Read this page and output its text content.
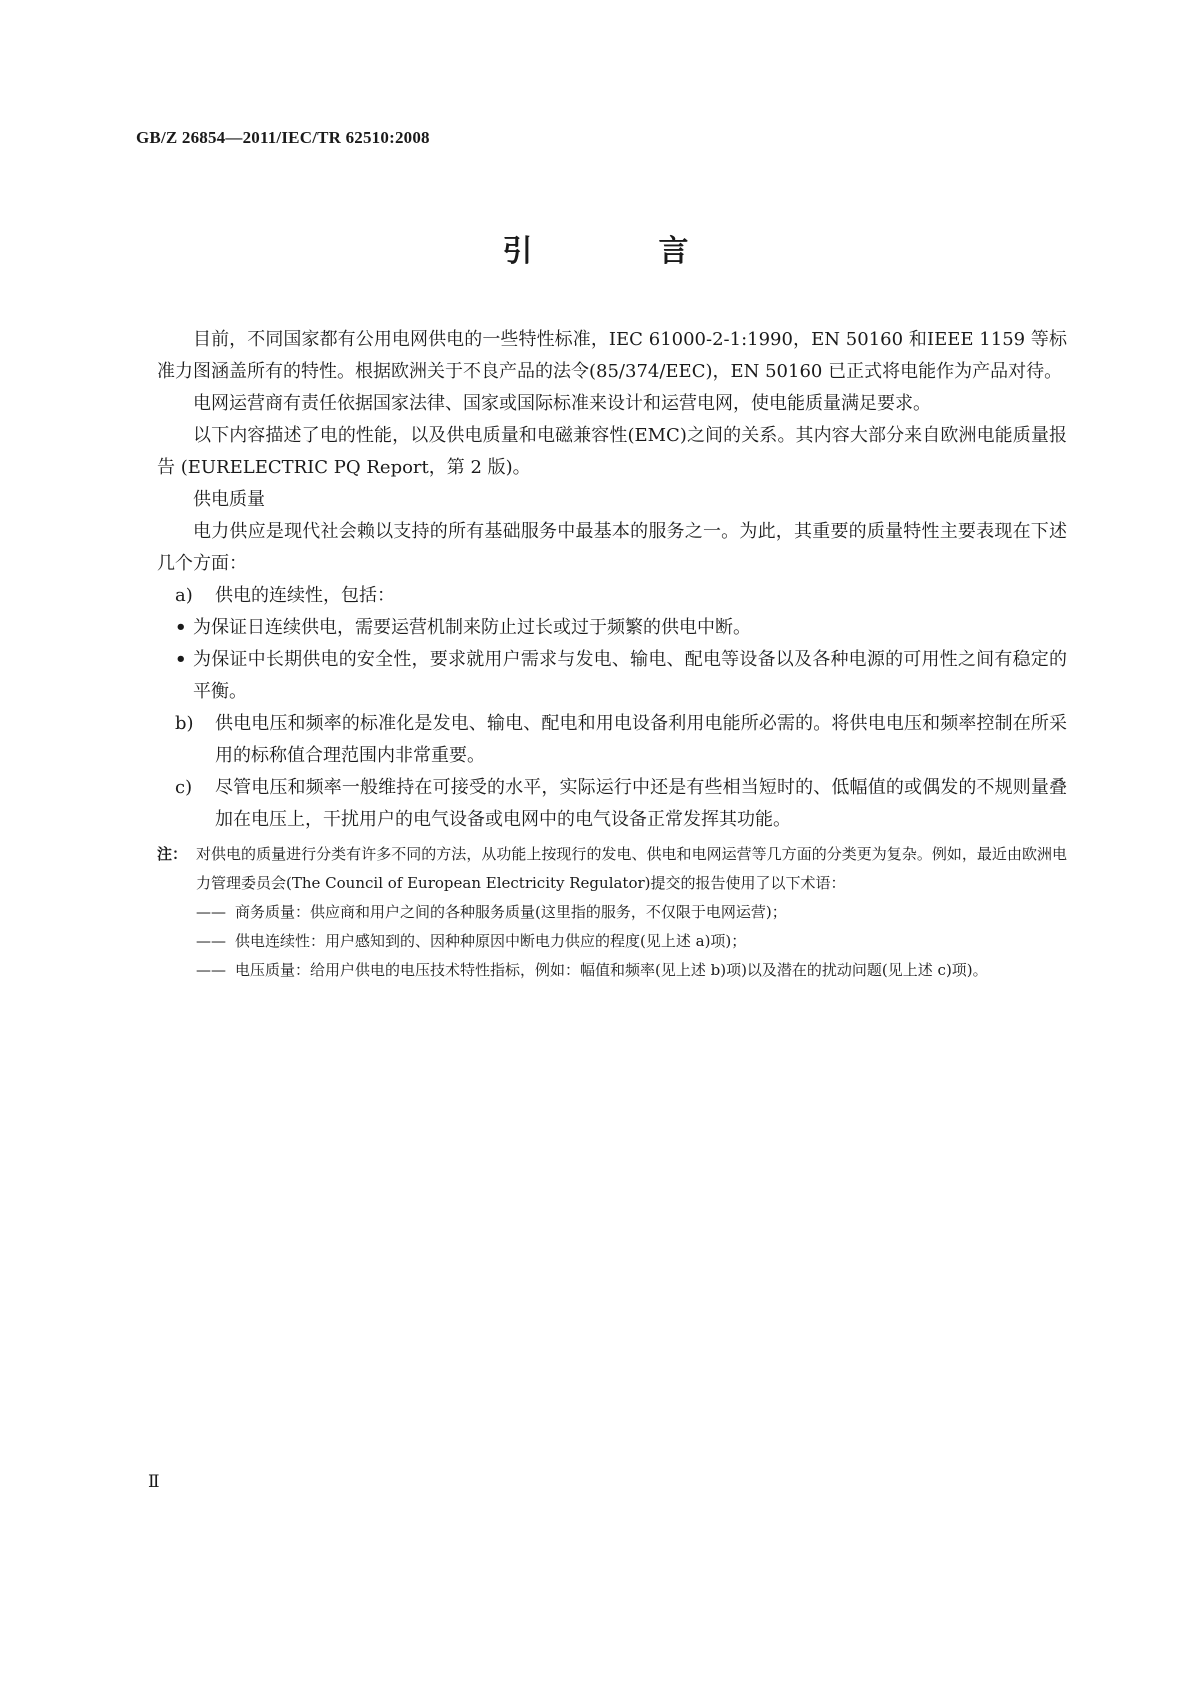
GB/Z 26854—2011/IEC/TR 62510:2008
引　言

目前，不同国家都有公用电网供电的一些特性标准，IEC 61000-2-1:1990，EN 50160 和IEEE 1159 等标准力图涵盖所有的特性。根据欧洲关于不良产品的法令(85/374/EEC)，EN 50160 已正式将电能作为产品对待。

电网运营商有责任依据国家法律、国家或国际标准来设计和运营电网，使电能质量满足要求。

以下内容描述了电的性能，以及供电质量和电磁兼容性(EMC)之间的关系。其内容大部分来自欧洲电能质量报告 (EURELECTRIC PQ Report，第 2 版)。

供电质量

电力供应是现代社会赖以支持的所有基础服务中最基本的服务之一。为此，其重要的质量特性主要表现在下述几个方面：

a) 供电的连续性，包括：

• 为保证日连续供电，需要运营机制来防止过长或过于频繁的供电中断。

• 为保证中长期供电的安全性，要求就用户需求与发电、输电、配电等设备以及各种电源的可用性之间有稳定的平衡。

b) 供电电压和频率的标准化是发电、输电、配电和用电设备利用电能所必需的。将供电电压和频率控制在所采用的标称值合理范围内非常重要。

c) 尽管电压和频率一般维持在可接受的水平，实际运行中还是有些相当短时的、低幅值的或偶发的不规则量叠加在电压上，干扰用户的电气设备或电网中的电气设备正常发挥其功能。

注： 对供电的质量进行分类有许多不同的方法，从功能上按现行的发电、供电和电网运营等几方面的分类更为复杂。例如，最近由欧洲电力管理委员会(The Council of European Electricity Regulator)提交的报告使用了以下术语：

—— 商务质量：供应商和用户之间的各种服务质量(这里指的服务，不仅限于电网运营)；

—— 供电连续性：用户感知到的、因种种原因中断电力供应的程度(见上述 a)项)；

—— 电压质量：给用户供电的电压技术特性指标，例如：幅值和频率(见上述 b)项)以及潜在的扰动问题(见上述 c)项)。

Ⅱ
